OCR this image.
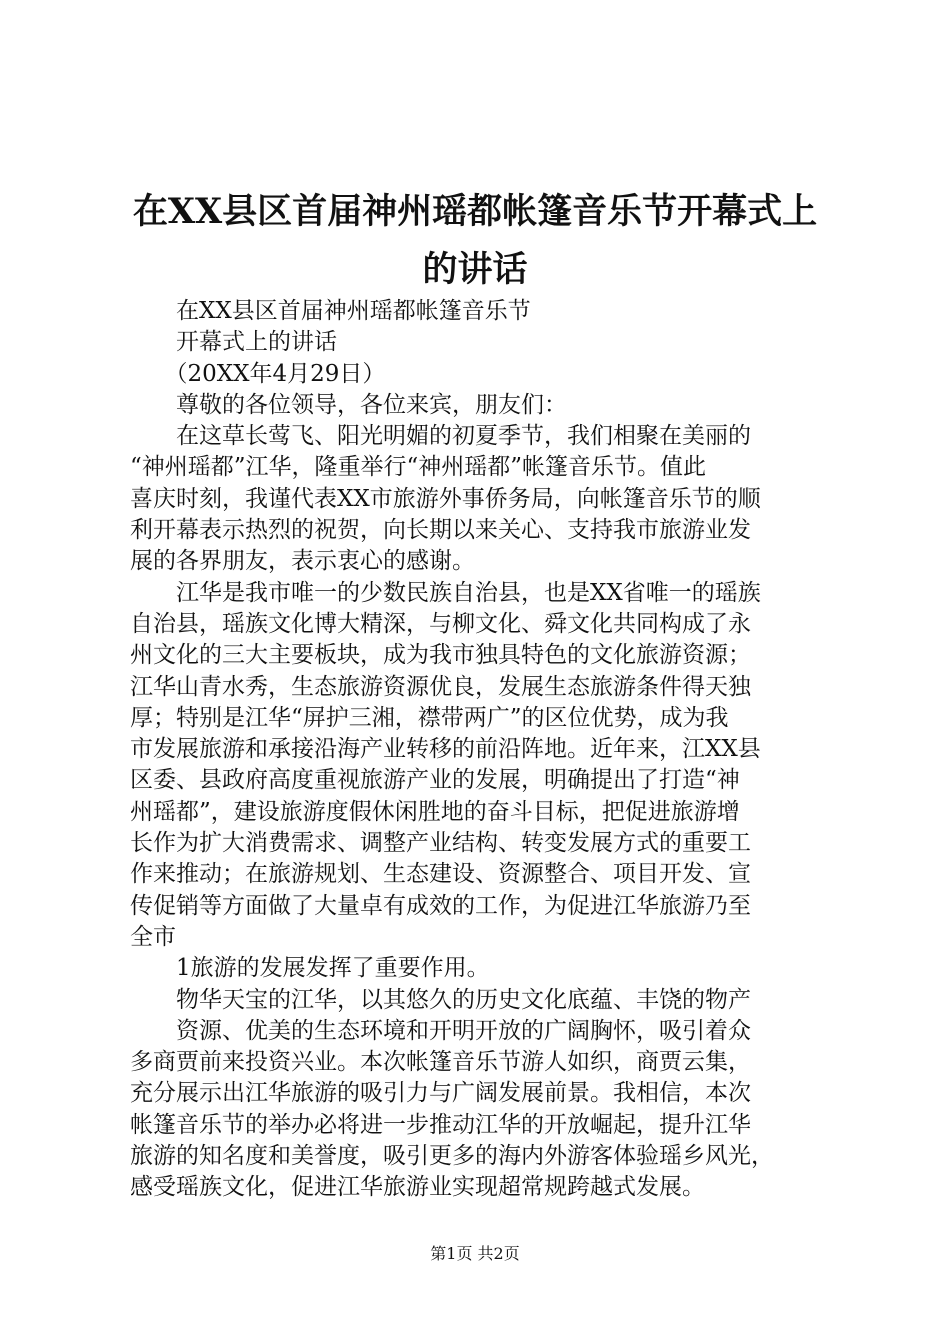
在XX县区首届神州瑶都帐篷音乐节开幕式上
的讲话
　　在XX县区首届神州瑶都帐篷音乐节
　　开幕式上的讲话
　　（20XX年4月29日）
　　尊敬的各位领导，各位来宾，朋友们：
　　在这草长莺飞、阳光明媚的初夏季节，我们相聚在美丽的
“神州瑶都”江华，隆重举行“神州瑶都”帐篷音乐节。值此
喜庆时刻，我谨代表XX市旅游外事侨务局，向帐篷音乐节的顺
利开幕表示热烈的祝贺，向长期以来关心、支持我市旅游业发
展的各界朋友，表示衷心的感谢。
　　江华是我市唯一的少数民族自治县，也是XX省唯一的瑶族
自治县，瑶族文化博大精深，与柳文化、舜文化共同构成了永
州文化的三大主要板块，成为我市独具特色的文化旅游资源；
江华山青水秀，生态旅游资源优良，发展生态旅游条件得天独
厚；特别是江华“屏护三湘，襟带两广”的区位优势，成为我
市发展旅游和承接沿海产业转移的前沿阵地。近年来，江XX县
区委、县政府高度重视旅游产业的发展，明确提出了打造“神
州瑶都”，建设旅游度假休闲胜地的奋斗目标，把促进旅游增
长作为扩大消费需求、调整产业结构、转变发展方式的重要工
作来推动；在旅游规划、生态建设、资源整合、项目开发、宣
传促销等方面做了大量卓有成效的工作，为促进江华旅游乃至
全市
　　1旅游的发展发挥了重要作用。
　　物华天宝的江华，以其悠久的历史文化底蕴、丰饶的物产
　　资源、优美的生态环境和开明开放的广阔胸怀，吸引着众
多商贾前来投资兴业。本次帐篷音乐节游人如织，商贾云集，
充分展示出江华旅游的吸引力与广阔发展前景。我相信，本次
帐篷音乐节的举办必将进一步推动江华的开放崛起，提升江华
旅游的知名度和美誉度，吸引更多的海内外游客体验瑶乡风光，
感受瑶族文化，促进江华旅游业实现超常规跨越式发展。
第1页 共2页
